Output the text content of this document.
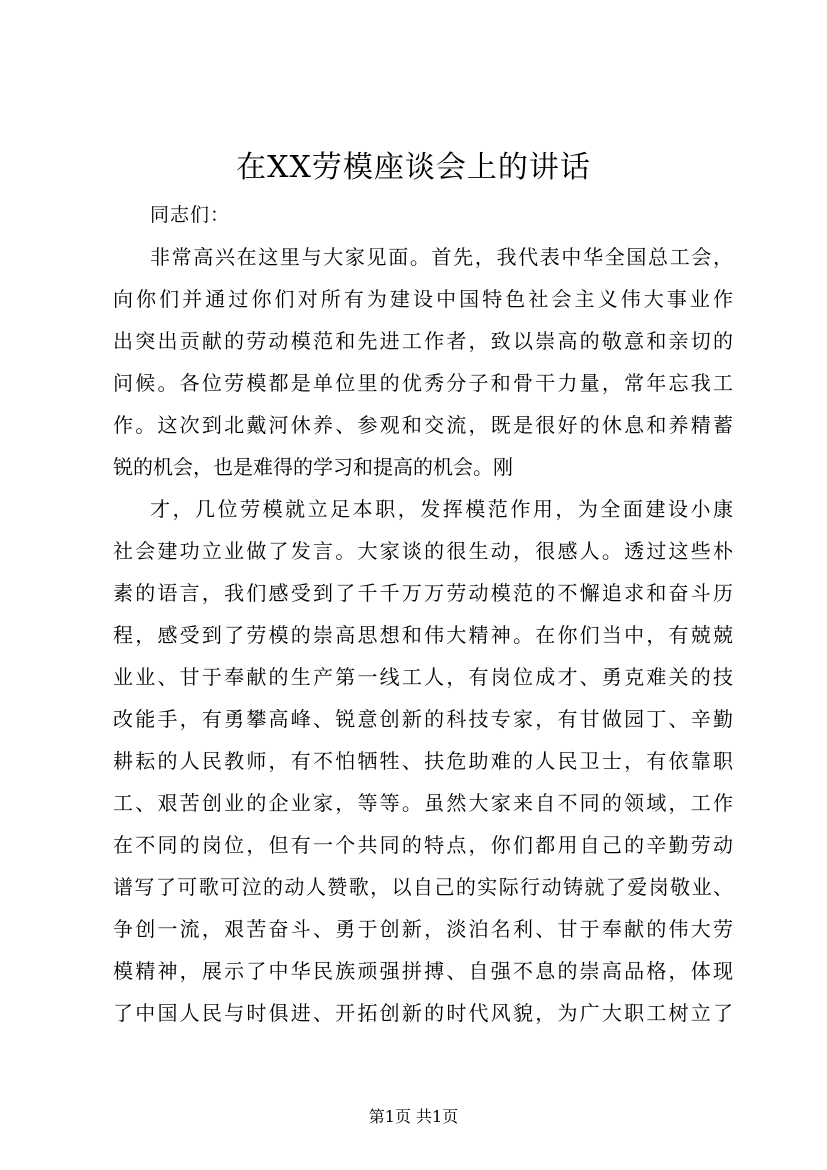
在XX劳模座谈会上的讲话

同志们：

非常高兴在这里与大家见面。首先，我代表中华全国总工会，

向你们并通过你们对所有为建设中国特色社会主义伟大事业作

出突出贡献的劳动模范和先进工作者，致以崇高的敬意和亲切的

问候。各位劳模都是单位里的优秀分子和骨干力量，常年忘我工

作。这次到北戴河休养、参观和交流，既是很好的休息和养精蓄

锐的机会，也是难得的学习和提高的机会。刚

才，几位劳模就立足本职，发挥模范作用，为全面建设小康

社会建功立业做了发言。大家谈的很生动，很感人。透过这些朴

素的语言，我们感受到了千千万万劳动模范的不懈追求和奋斗历

程，感受到了劳模的崇高思想和伟大精神。在你们当中，有兢兢

业业、甘于奉献的生产第一线工人，有岗位成才、勇克难关的技

改能手，有勇攀高峰、锐意创新的科技专家，有甘做园丁、辛勤

耕耘的人民教师，有不怕牺牲、扶危助难的人民卫士，有依靠职

工、艰苦创业的企业家，等等。虽然大家来自不同的领域，工作

在不同的岗位，但有一个共同的特点，你们都用自己的辛勤劳动

谱写了可歌可泣的动人赞歌，以自己的实际行动铸就了爱岗敬业、

争创一流，艰苦奋斗、勇于创新，淡泊名利、甘于奉献的伟大劳

模精神，展示了中华民族顽强拼搏、自强不息的崇高品格，体现

了中国人民与时俱进、开拓创新的时代风貌，为广大职工树立了

第1页 共1页
